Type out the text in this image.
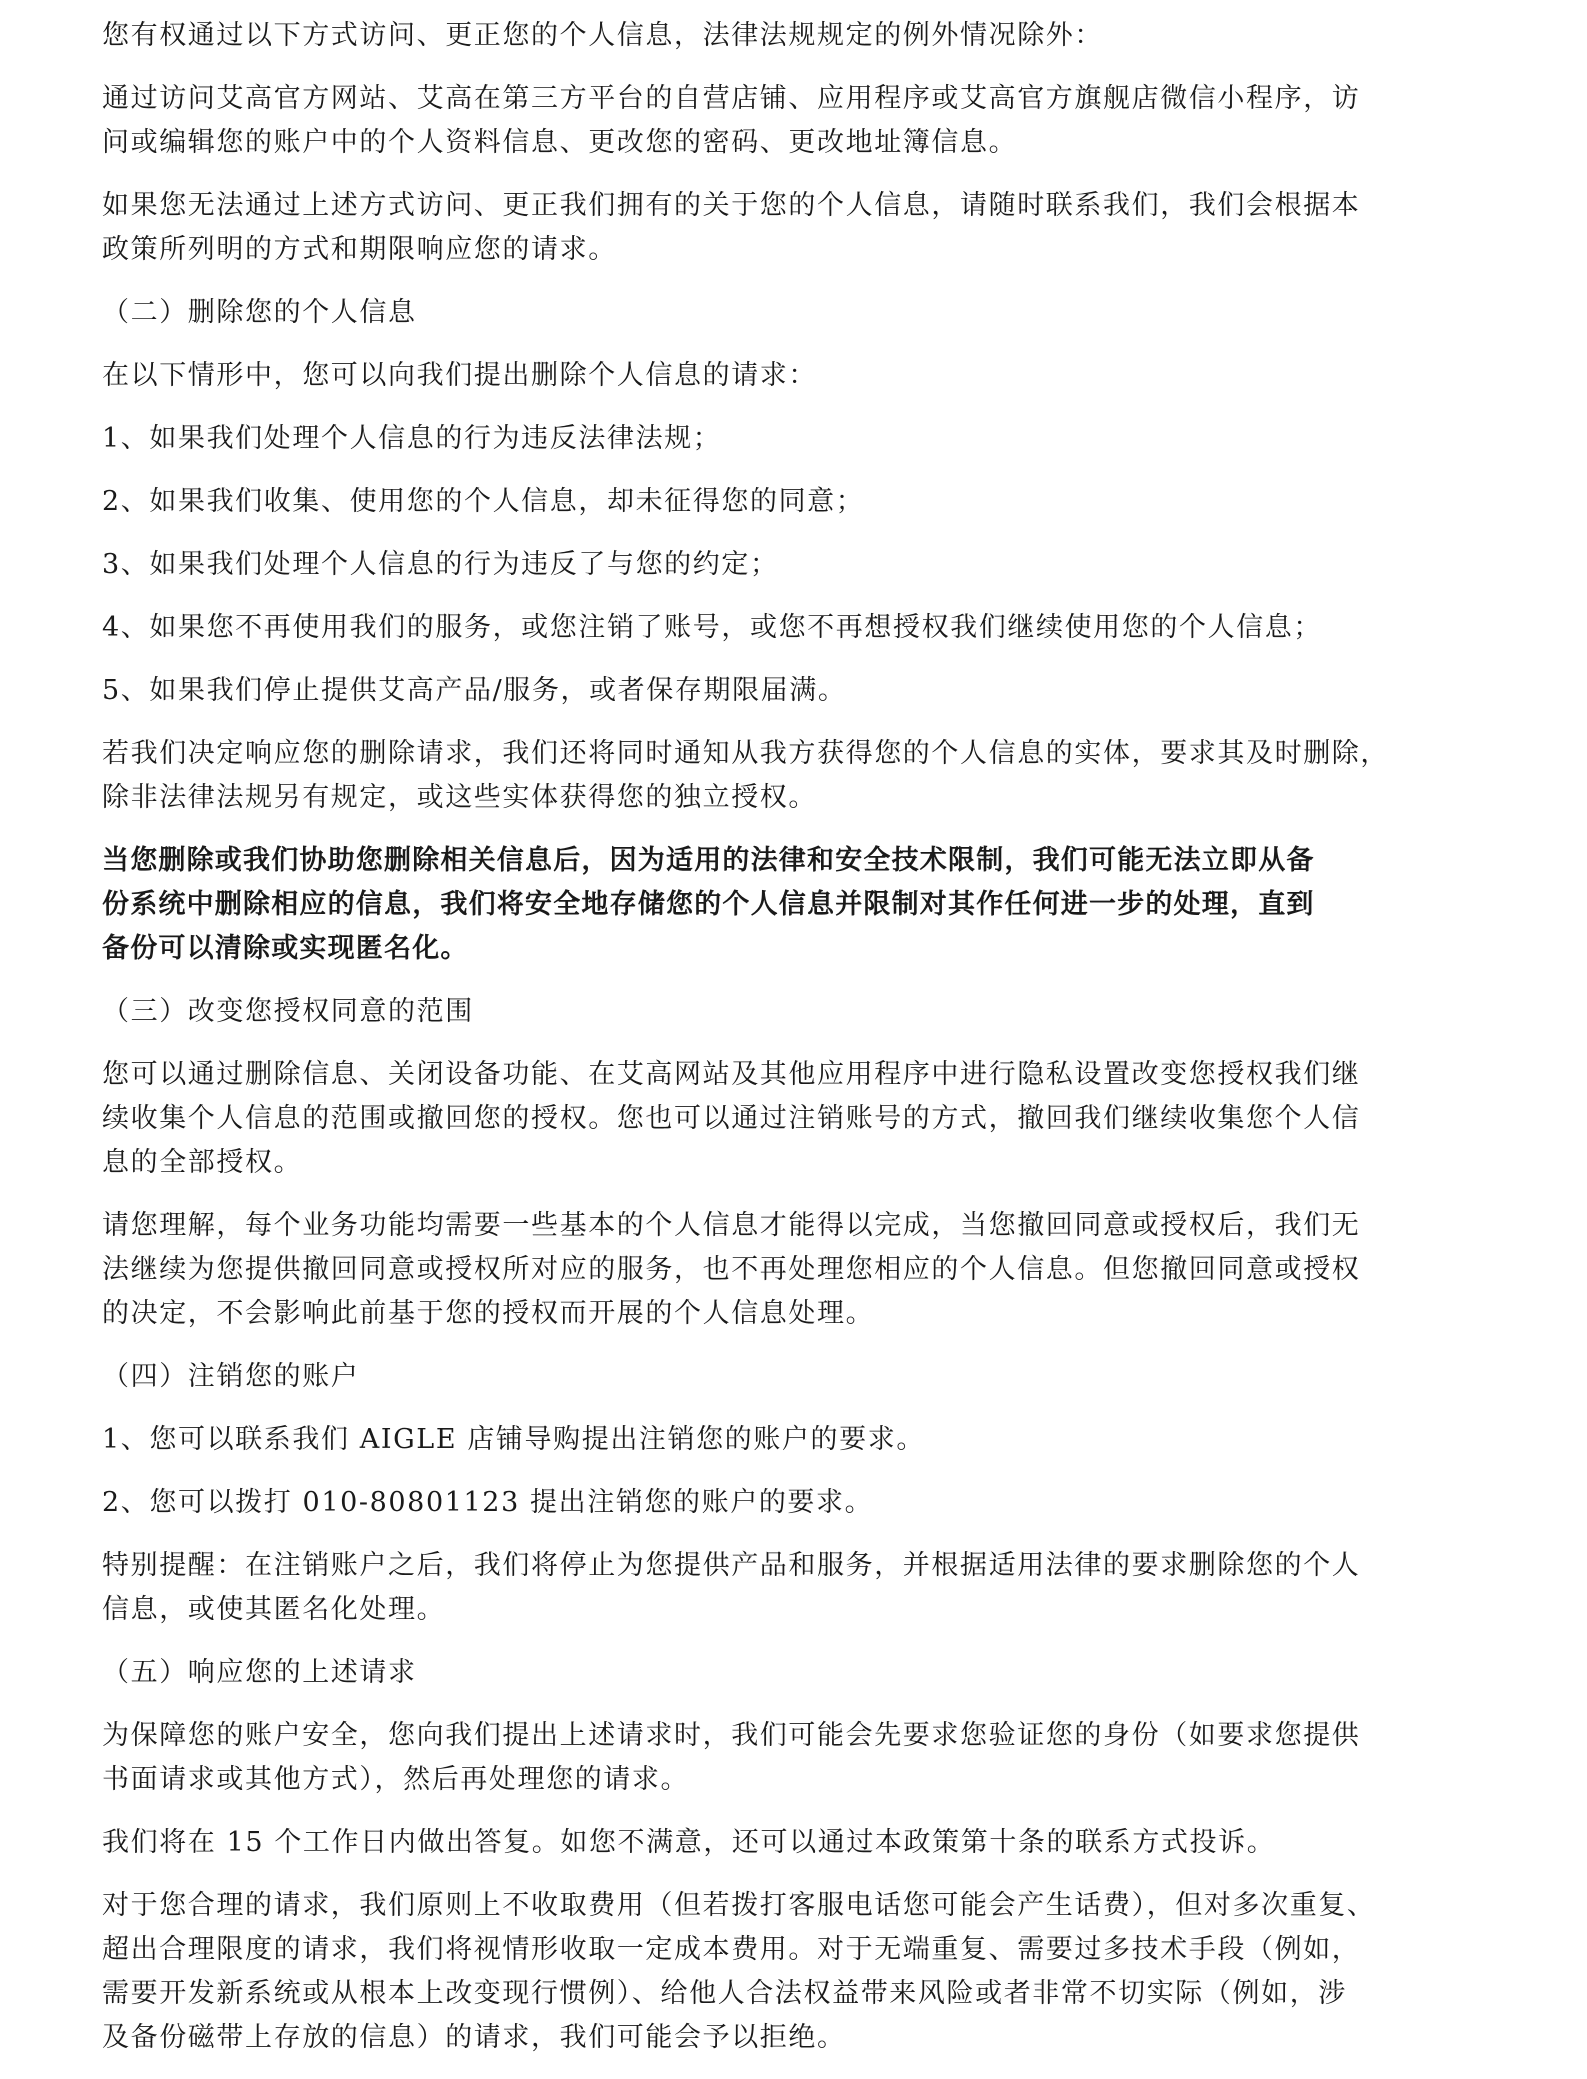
您有权通过以下方式访问、更正您的个人信息，法律法规规定的例外情况除外：

通过访问艾高官方网站、艾高在第三方平台的自营店铺、应用程序或艾高官方旗舰店微信小程序，访
问或编辑您的账户中的个人资料信息、更改您的密码、更改地址簿信息。

如果您无法通过上述方式访问、更正我们拥有的关于您的个人信息，请随时联系我们，我们会根据本
政策所列明的方式和期限响应您的请求。

（二）删除您的个人信息

在以下情形中，您可以向我们提出删除个人信息的请求：

1、如果我们处理个人信息的行为违反法律法规；

2、如果我们收集、使用您的个人信息，却未征得您的同意；

3、如果我们处理个人信息的行为违反了与您的约定；

4、如果您不再使用我们的服务，或您注销了账号，或您不再想授权我们继续使用您的个人信息；

5、如果我们停止提供艾高产品/服务，或者保存期限届满。

若我们决定响应您的删除请求，我们还将同时通知从我方获得您的个人信息的实体，要求其及时删除，
除非法律法规另有规定，或这些实体获得您的独立授权。

当您删除或我们协助您删除相关信息后，因为适用的法律和安全技术限制，我们可能无法立即从备
份系统中删除相应的信息，我们将安全地存储您的个人信息并限制对其作任何进一步的处理，直到
备份可以清除或实现匿名化。

（三）改变您授权同意的范围

您可以通过删除信息、关闭设备功能、在艾高网站及其他应用程序中进行隐私设置改变您授权我们继
续收集个人信息的范围或撤回您的授权。您也可以通过注销账号的方式，撤回我们继续收集您个人信
息的全部授权。

请您理解，每个业务功能均需要一些基本的个人信息才能得以完成，当您撤回同意或授权后，我们无
法继续为您提供撤回同意或授权所对应的服务，也不再处理您相应的个人信息。但您撤回同意或授权
的决定，不会影响此前基于您的授权而开展的个人信息处理。

（四）注销您的账户

1、您可以联系我们 AIGLE 店铺导购提出注销您的账户的要求。

2、您可以拨打 010-80801123 提出注销您的账户的要求。

特别提醒：在注销账户之后，我们将停止为您提供产品和服务，并根据适用法律的要求删除您的个人
信息，或使其匿名化处理。

（五）响应您的上述请求

为保障您的账户安全，您向我们提出上述请求时，我们可能会先要求您验证您的身份（如要求您提供
书面请求或其他方式），然后再处理您的请求。

我们将在 15 个工作日内做出答复。如您不满意，还可以通过本政策第十条的联系方式投诉。

对于您合理的请求，我们原则上不收取费用（但若拨打客服电话您可能会产生话费），但对多次重复、
超出合理限度的请求，我们将视情形收取一定成本费用。对于无端重复、需要过多技术手段（例如，
需要开发新系统或从根本上改变现行惯例）、给他人合法权益带来风险或者非常不切实际（例如，涉
及备份磁带上存放的信息）的请求，我们可能会予以拒绝。
